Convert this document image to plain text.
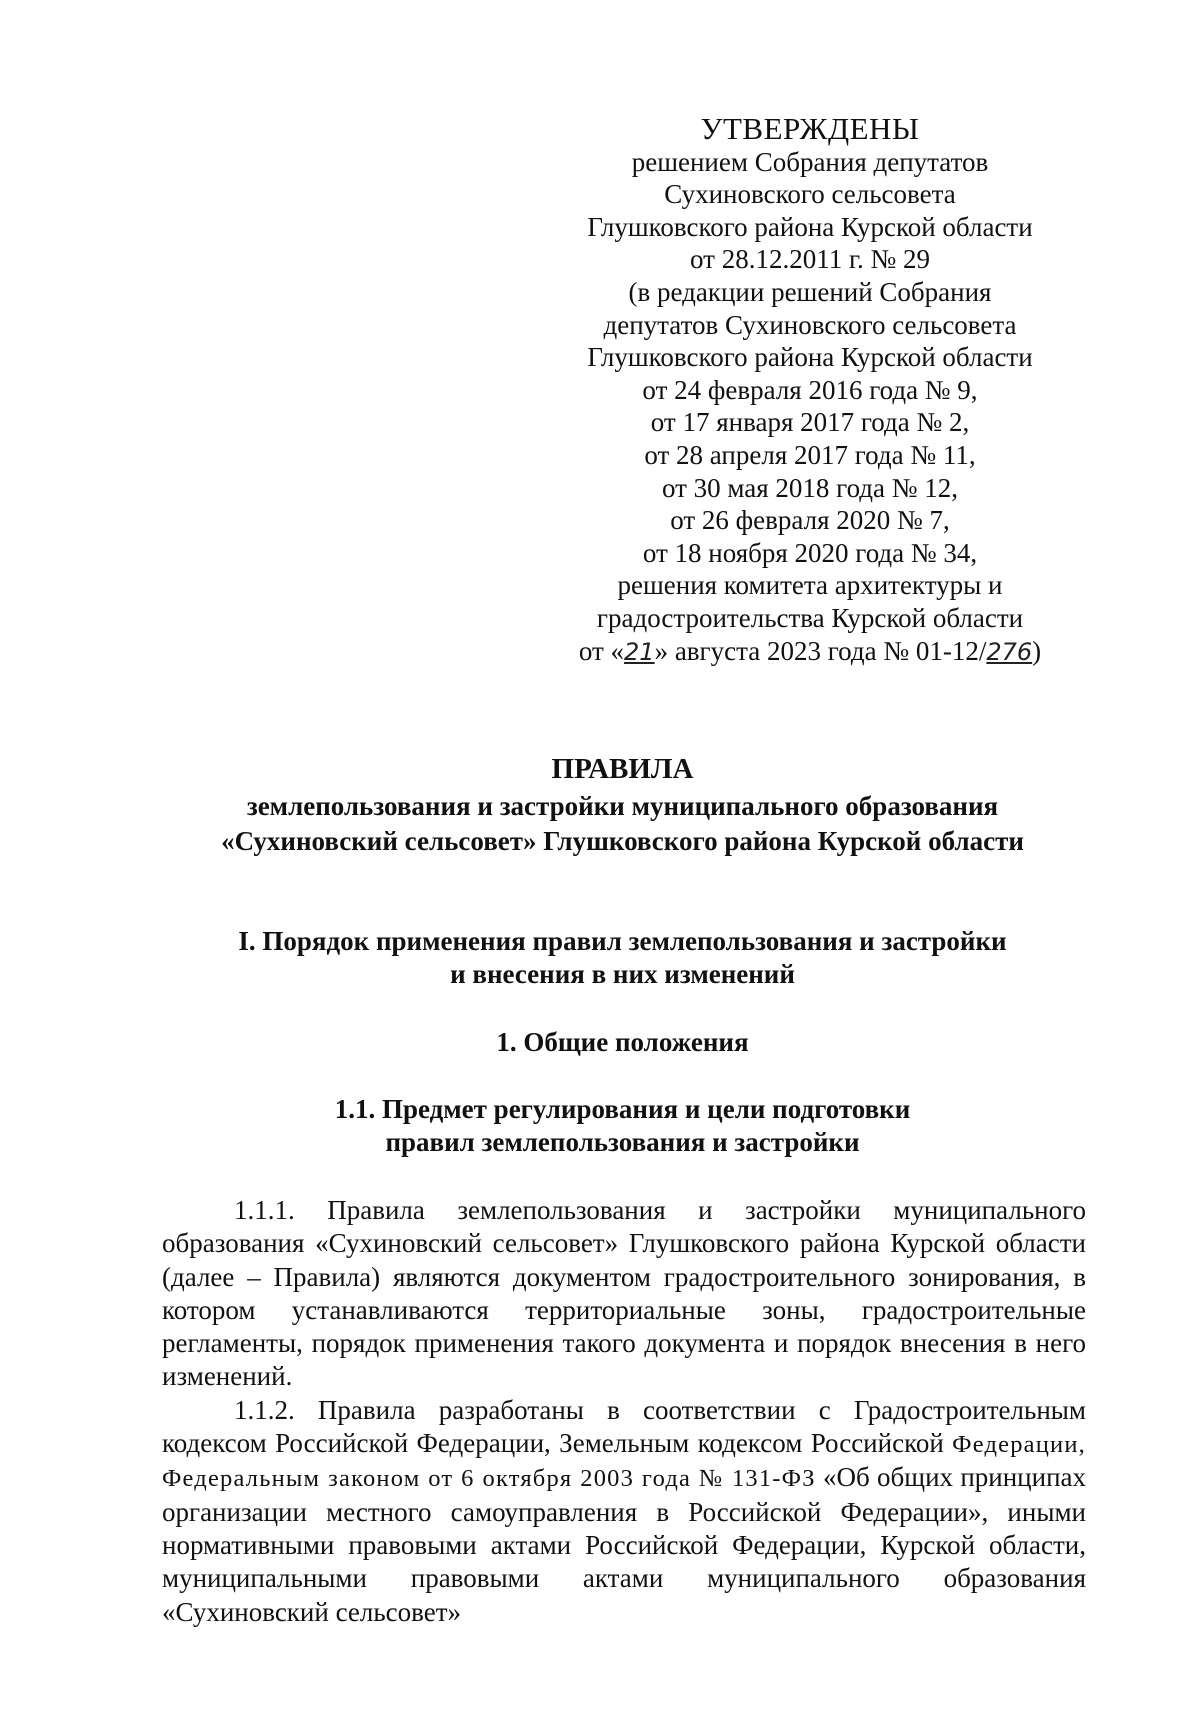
УТВЕРЖДЕНЫ
решением Собрания депутатов
Сухиновского сельсовета
Глушковского района Курской области
от 28.12.2011 г. № 29
(в редакции решений Собрания
депутатов Сухиновского сельсовета
Глушковского района Курской области
от 24 февраля 2016 года № 9,
от 17 января 2017 года № 2,
от 28 апреля 2017 года № 11,
от 30 мая 2018 года № 12,
от 26 февраля 2020 № 7,
от 18 ноября 2020 года № 34,
решения комитета архитектуры и
градостроительства Курской области
от «21» августа 2023 года № 01-12/276)
ПРАВИЛА
землепользования и застройки муниципального образования
«Сухиновский сельсовет» Глушковского района Курской области
I. Порядок применения правил землепользования и застройки
и внесения в них изменений
1. Общие положения
1.1. Предмет регулирования и цели подготовки
правил землепользования и застройки

1.1.1. Правила землепользования и застройки муниципального образования «Сухиновский сельсовет» Глушковского района Курской области (далее – Правила) являются документом градостроительного зонирования, в котором устанавливаются территориальные зоны, градостроительные регламенты, порядок применения такого документа и порядок внесения в него изменений.

1.1.2. Правила разработаны в соответствии с Градостроительным кодексом Российской Федерации, Земельным кодексом Российской Федерации, Федеральным законом от 6 октября 2003 года № 131-ФЗ «Об общих принципах организации местного самоуправления в Российской Федерации», иными нормативными правовыми актами Российской Федерации, Курской области, муниципальными правовыми актами муниципального образования «Сухиновский сельсовет»
